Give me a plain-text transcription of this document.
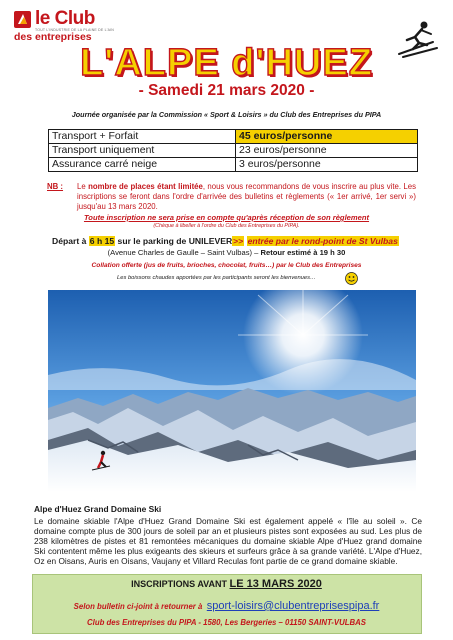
le Club
TOUT L'INDUSTRIE DE LA PLAINE DE L'AIN
des entreprises
L'ALPE d'HUEZ
- Samedi 21 mars 2020 -
Journée organisée par la Commission « Sport & Loisirs » du Club des Entreprises du PIPA
Transport + Forfait	45 euros/personne
Transport uniquement	23 euros/personne
Assurance carré neige	3 euros/personne
NB : Le nombre de places étant limitée, nous vous recommandons de vous inscrire au plus vite. Les inscriptions se feront dans l'ordre d'arrivée des bulletins et règlements (« 1er arrivé, 1er servi ») jusqu'au 13 mars 2020.
Toute inscription ne sera prise en compte qu'après réception de son règlement
(Chèque à libeller à l'ordre du Club des Entreprises du PIPA).
Départ à 6 h 15 sur le parking de UNILEVER>> entrée par le rond-point de St Vulbas
(Avenue Charles de Gaulle – Saint Vulbas) – Retour estimé à 19 h 30
Collation offerte (jus de fruits, brioches, chocolat, fruits…) par le Club des Entreprises
Les boissons chaudes apportées par les participants seront les bienvenues…
Alpe d'Huez Grand Domaine Ski
Le domaine skiable l'Alpe d'Huez Grand Domaine Ski est également appelé « l'île au soleil ». Ce domaine compte plus de 300 jours de soleil par an et plusieurs pistes sont exposées au sud. Les plus de 238 kilomètres de pistes et 81 remontées mécaniques du domaine skiable Alpe d'Huez grand domaine Ski contentent même les plus exigeants des skieurs et surfeurs grâce à sa grande variété. L'Alpe d'Huez, Oz en Oisans, Auris en Oisans, Vaujany et Villard Reculas font partie de ce grand domaine skiable.
INSCRIPTIONS AVANT LE 13 MARS 2020
Selon bulletin ci-joint à retourner à sport-loisirs@clubentreprisespipa.fr
Club des Entreprises du PIPA - 1580, Les Bergeries – 01150 SAINT-VULBAS
